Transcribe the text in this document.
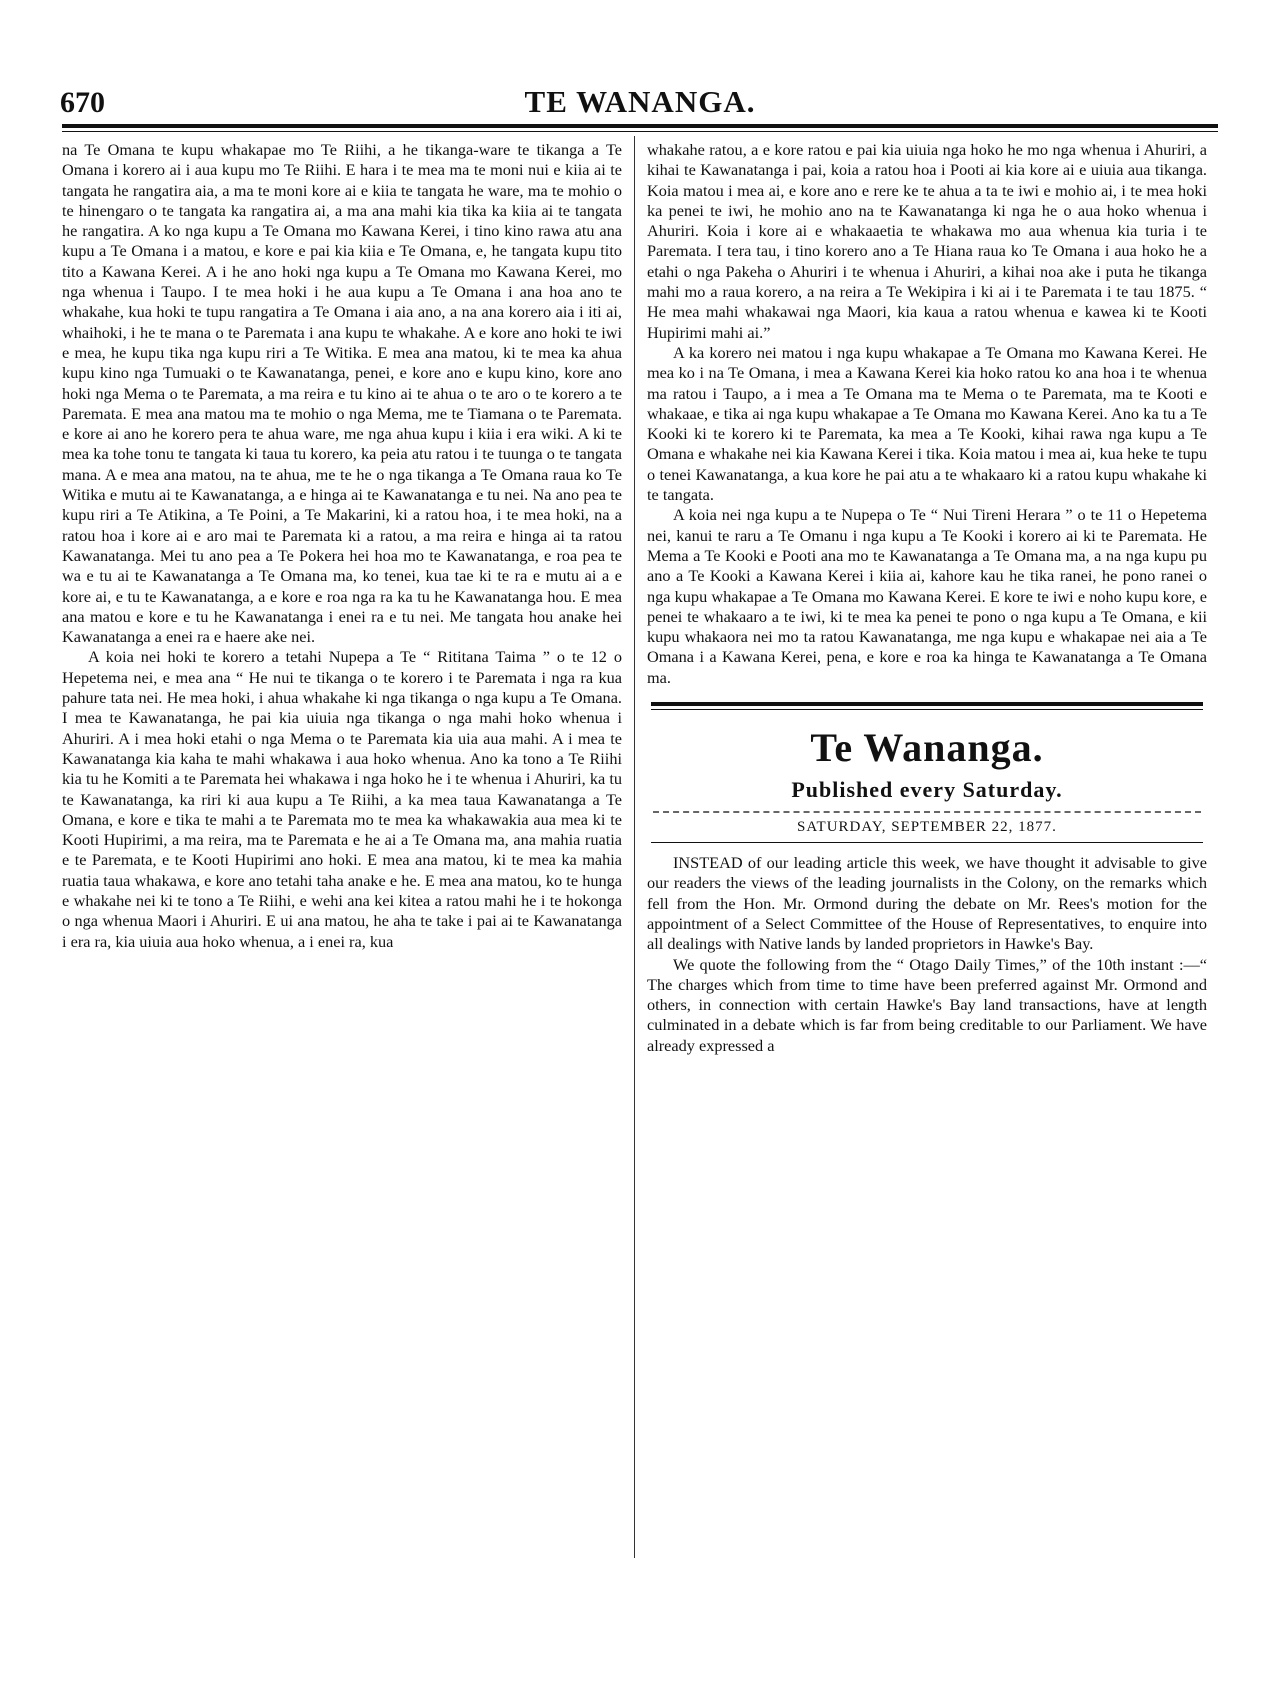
670	TE WANANGA.

na Te Omana te kupu whakapae mo Te Riihi, a he tikanga-ware te tikanga a Te Omana i korero ai i aua kupu mo Te Riihi. E hara i te mea ma te moni nui e kiia ai te tangata he rangatira aia, a ma te moni kore ai e kiia te tangata he ware, ma te mohio o te hinengaro o te tangata ka rangatira ai, a ma ana mahi kia tika ka kiia ai te tangata he rangatira. A ko nga kupu a Te Omana mo Kawana Kerei, i tino kino rawa atu ana kupu a Te Omana i a matou, e kore e pai kia kiia e Te Omana, e, he tangata kupu tito tito a Kawana Kerei. A i he ano hoki nga kupu a Te Omana mo Kawana Kerei, mo nga whenua i Taupo. I te mea hoki i he aua kupu a Te Omana i ana hoa ano te whakahe, kua hoki te tupu rangatira a Te Omana i aia ano, a na ana korero aia i iti ai, whaihoki, i he te mana o te Paremata i ana kupu te whakahe. A e kore ano hoki te iwi e mea, he kupu tika nga kupu riri a Te Witika. E mea ana matou, ki te mea ka ahua kupu kino nga Tumuaki o te Kawanatanga, penei, e kore ano e kupu kino, kore ano hoki nga Mema o te Paremata, a ma reira e tu kino ai te ahua o te aro o te korero a te Paremata. E mea ana matou ma te mohio o nga Mema, me te Tiamana o te Paremata. e kore ai ano he korero pera te ahua ware, me nga ahua kupu i kiia i era wiki. A ki te mea ka tohe tonu te tangata ki taua tu korero, ka peia atu ratou i te tuunga o te tangata mana. A e mea ana matou, na te ahua, me te he o nga tikanga a Te Omana raua ko Te Witika e mutu ai te Kawanatanga, a e hinga ai te Kawanatanga e tu nei. Na ano pea te kupu riri a Te Atikina, a Te Poini, a Te Makarini, ki a ratou hoa, i te mea hoki, na a ratou hoa i kore ai e aro mai te Paremata ki a ratou, a ma reira e hinga ai ta ratou Kawanatanga. Mei tu ano pea a Te Pokera hei hoa mo te Kawanatanga, e roa pea te wa e tu ai te Kawanatanga a Te Omana ma, ko tenei, kua tae ki te ra e mutu ai a e kore ai, e tu te Kawanatanga, a e kore e roa nga ra ka tu he Kawanatanga hou. E mea ana matou e kore e tu he Kawanatanga i enei ra e tu nei. Me tangata hou anake hei Kawanatanga a enei ra e haere ake nei.

A koia nei hoki te korero a tetahi Nupepa a Te “ Rititana Taima ” o te 12 o Hepetema nei, e mea ana “ He nui te tikanga o te korero i te Paremata i nga ra kua pahure tata nei. He mea hoki, i ahua whakahe ki nga tikanga o nga kupu a Te Omana. I mea te Kawanatanga, he pai kia uiuia nga tikanga o nga mahi hoko whenua i Ahuriri. A i mea hoki etahi o nga Mema o te Paremata kia uia aua mahi. A i mea te Kawanatanga kia kaha te mahi whakawa i aua hoko whenua. Ano ka tono a Te Riihi kia tu he Komiti a te Paremata hei whakawa i nga hoko he i te whenua i Ahuriri, ka tu te Kawanatanga, ka riri ki aua kupu a Te Riihi, a ka mea taua Kawanatanga a Te Omana, e kore e tika te mahi a te Paremata mo te mea ka whakawakia aua mea ki te Kooti Hupirimi, a ma reira, ma te Paremata e he ai a Te Omana ma, ana mahia ruatia e te Paremata, e te Kooti Hupirimi ano hoki. E mea ana matou, ki te mea ka mahia ruatia taua whakawa, e kore ano tetahi taha anake e he. E mea ana matou, ko te hunga e whakahe nei ki te tono a Te Riihi, e wehi ana kei kitea a ratou mahi he i te hokonga o nga whenua Maori i Ahuriri. E ui ana matou, he aha te take i pai ai te Kawanatanga i era ra, kia uiuia aua hoko whenua, a i enei ra, kua

whakahe ratou, a e kore ratou e pai kia uiuia nga hoko he mo nga whenua i Ahuriri, a kihai te Kawanatanga i pai, koia a ratou hoa i Pooti ai kia kore ai e uiuia aua tikanga. Koia matou i mea ai, e kore ano e rere ke te ahua a ta te iwi e mohio ai, i te mea hoki ka penei te iwi, he mohio ano na te Kawanatanga ki nga he o aua hoko whenua i Ahuriri. Koia i kore ai e whakaaetia te whakawa mo aua whenua kia turia i te Paremata. I tera tau, i tino korero ano a Te Hiana raua ko Te Omana i aua hoko he a etahi o nga Pakeha o Ahuriri i te whenua i Ahuriri, a kihai noa ake i puta he tikanga mahi mo a raua korero, a na reira a Te Wekipira i ki ai i te Paremata i te tau 1875. “ He mea mahi whakawai nga Maori, kia kaua a ratou whenua e kawea ki te Kooti Hupirimi mahi ai.”

A ka korero nei matou i nga kupu whakapae a Te Omana mo Kawana Kerei. He mea ko i na Te Omana, i mea a Kawana Kerei kia hoko ratou ko ana hoa i te whenua ma ratou i Taupo, a i mea a Te Omana ma te Mema o te Paremata, ma te Kooti e whakaae, e tika ai nga kupu whakapae a Te Omana mo Kawana Kerei. Ano ka tu a Te Kooki ki te korero ki te Paremata, ka mea a Te Kooki, kihai rawa nga kupu a Te Omana e whakahe nei kia Kawana Kerei i tika. Koia matou i mea ai, kua heke te tupu o tenei Kawanatanga, a kua kore he pai atu a te whakaaro ki a ratou kupu whakahe ki te tangata.

A koia nei nga kupu a te Nupepa o Te “ Nui Tireni Herara ” o te 11 o Hepetema nei, kanui te raru a Te Omanu i nga kupu a Te Kooki i korero ai ki te Paremata. He Mema a Te Kooki e Pooti ana mo te Kawanatanga a Te Omana ma, a na nga kupu pu ano a Te Kooki a Kawana Kerei i kiia ai, kahore kau he tika ranei, he pono ranei o nga kupu whakapae a Te Omana mo Kawana Kerei. E kore te iwi e noho kupu kore, e penei te whakaaro a te iwi, ki te mea ka penei te pono o nga kupu a Te Omana, e kii kupu whakaora nei mo ta ratou Kawanatanga, me nga kupu e whakapae nei aia a Te Omana i a Kawana Kerei, pena, e kore e roa ka hinga te Kawanatanga a Te Omana ma.

Te Wananga.
Published every Saturday.
SATURDAY, SEPTEMBER 22, 1877.

INSTEAD of our leading article this week, we have thought it advisable to give our readers the views of the leading journalists in the Colony, on the remarks which fell from the Hon. Mr. Ormond during the debate on Mr. Rees's motion for the appointment of a Select Committee of the House of Representatives, to enquire into all dealings with Native lands by landed proprietors in Hawke's Bay.

We quote the following from the “ Otago Daily Times,” of the 10th instant :—“ The charges which from time to time have been preferred against Mr. Ormond and others, in connection with certain Hawke's Bay land transactions, have at length culminated in a debate which is far from being creditable to our Parliament. We have already expressed a
